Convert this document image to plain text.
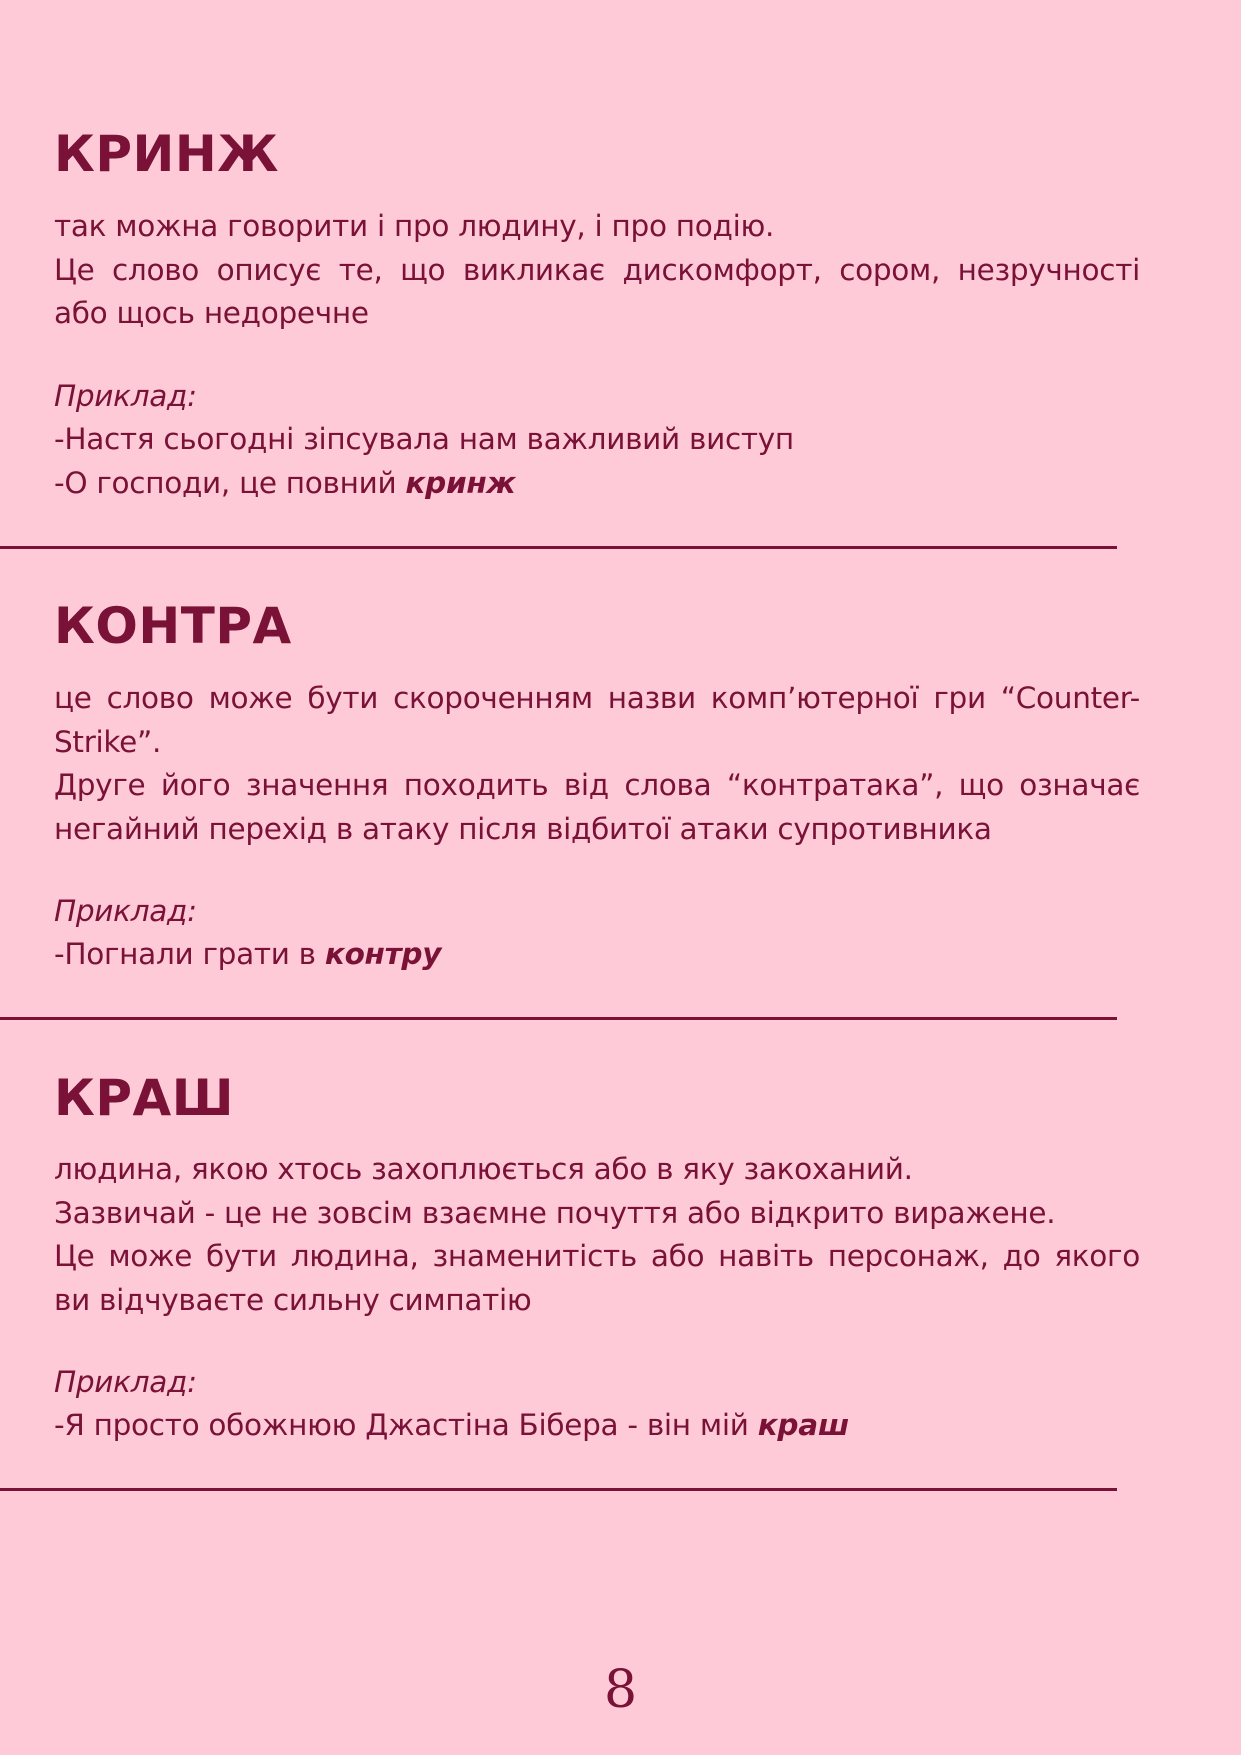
КРИНЖ

так можна говорити і про людину, і про подію.
Це слово описує те, що викликає дискомфорт, сором, незручності
або щось недоречне

Приклад:

-Настя сьогодні зіпсувала нам важливий виступ
-О господи, це повний кринж

КОНТРА

це слово може бути скороченням назви комп’ютерної гри “Counter-
Strike”.
Друге його значення походить від слова “контратака”, що означає
негайний перехід в атаку після відбитої атаки супротивника

Приклад:

-Погнали грати в контру

КРАШ

людина, якою хтось захоплюється або в яку закоханий.
Зазвичай - це не зовсім взаємне почуття або відкрито виражене.
Це може бути людина, знаменитість або навіть персонаж, до якого
ви відчуваєте сильну симпатію

Приклад:

-Я просто обожнюю Джастіна Бібера - він мій краш

8
